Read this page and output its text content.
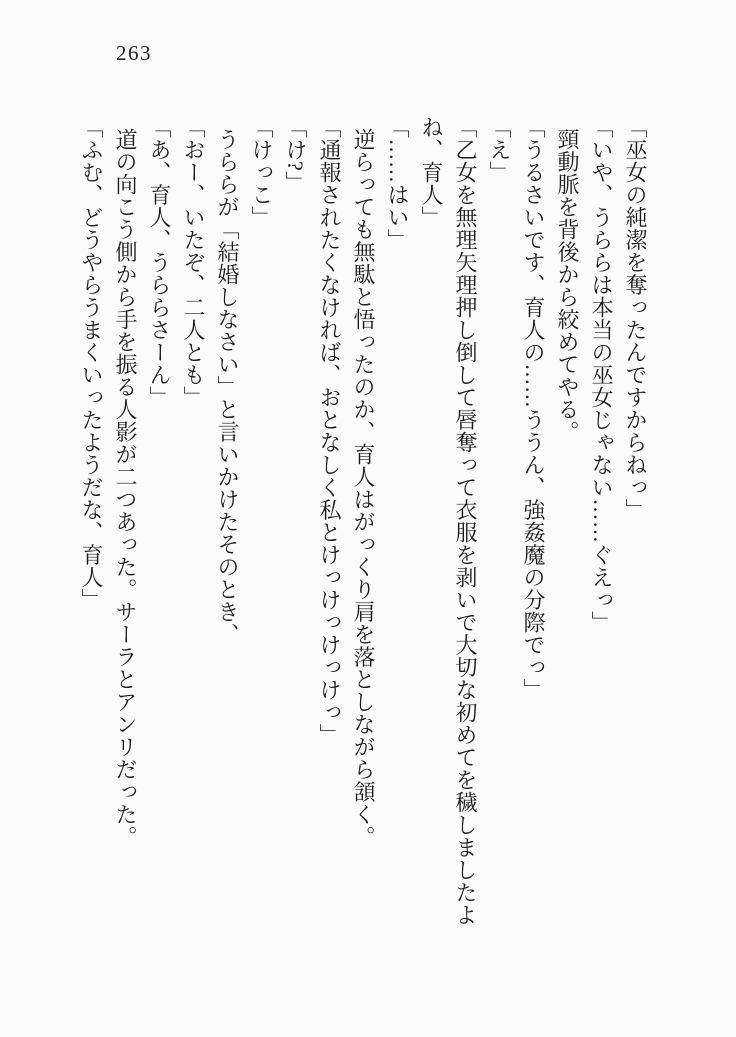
263

「巫女の純潔を奪ったんですからねっ」

「いや、うららは本当の巫女じゃない……ぐえっ」

頸動脈を背後から絞めてやる。

「うるさいです、育人の……ううん、強姦魔の分際でっ」

「え」

「乙女を無理矢理押し倒して唇奪って衣服を剥いで大切な初めてを穢しましたよね、育人」

「……はい」

逆らっても無駄と悟ったのか、育人はがっくり肩を落としながら頷く。

「通報されたくなければ、おとなしく私とけっけっけっけっ」

「け?」

「けっこ」

うららが「結婚しなさい」と言いかけたそのとき、

「おー、いたぞ、二人とも」

「あ、育人、うららさーん」

道の向こう側から手を振る人影が二つあった。サーラとアンリだった。

「ふむ、どうやらうまくいったようだな、育人」
